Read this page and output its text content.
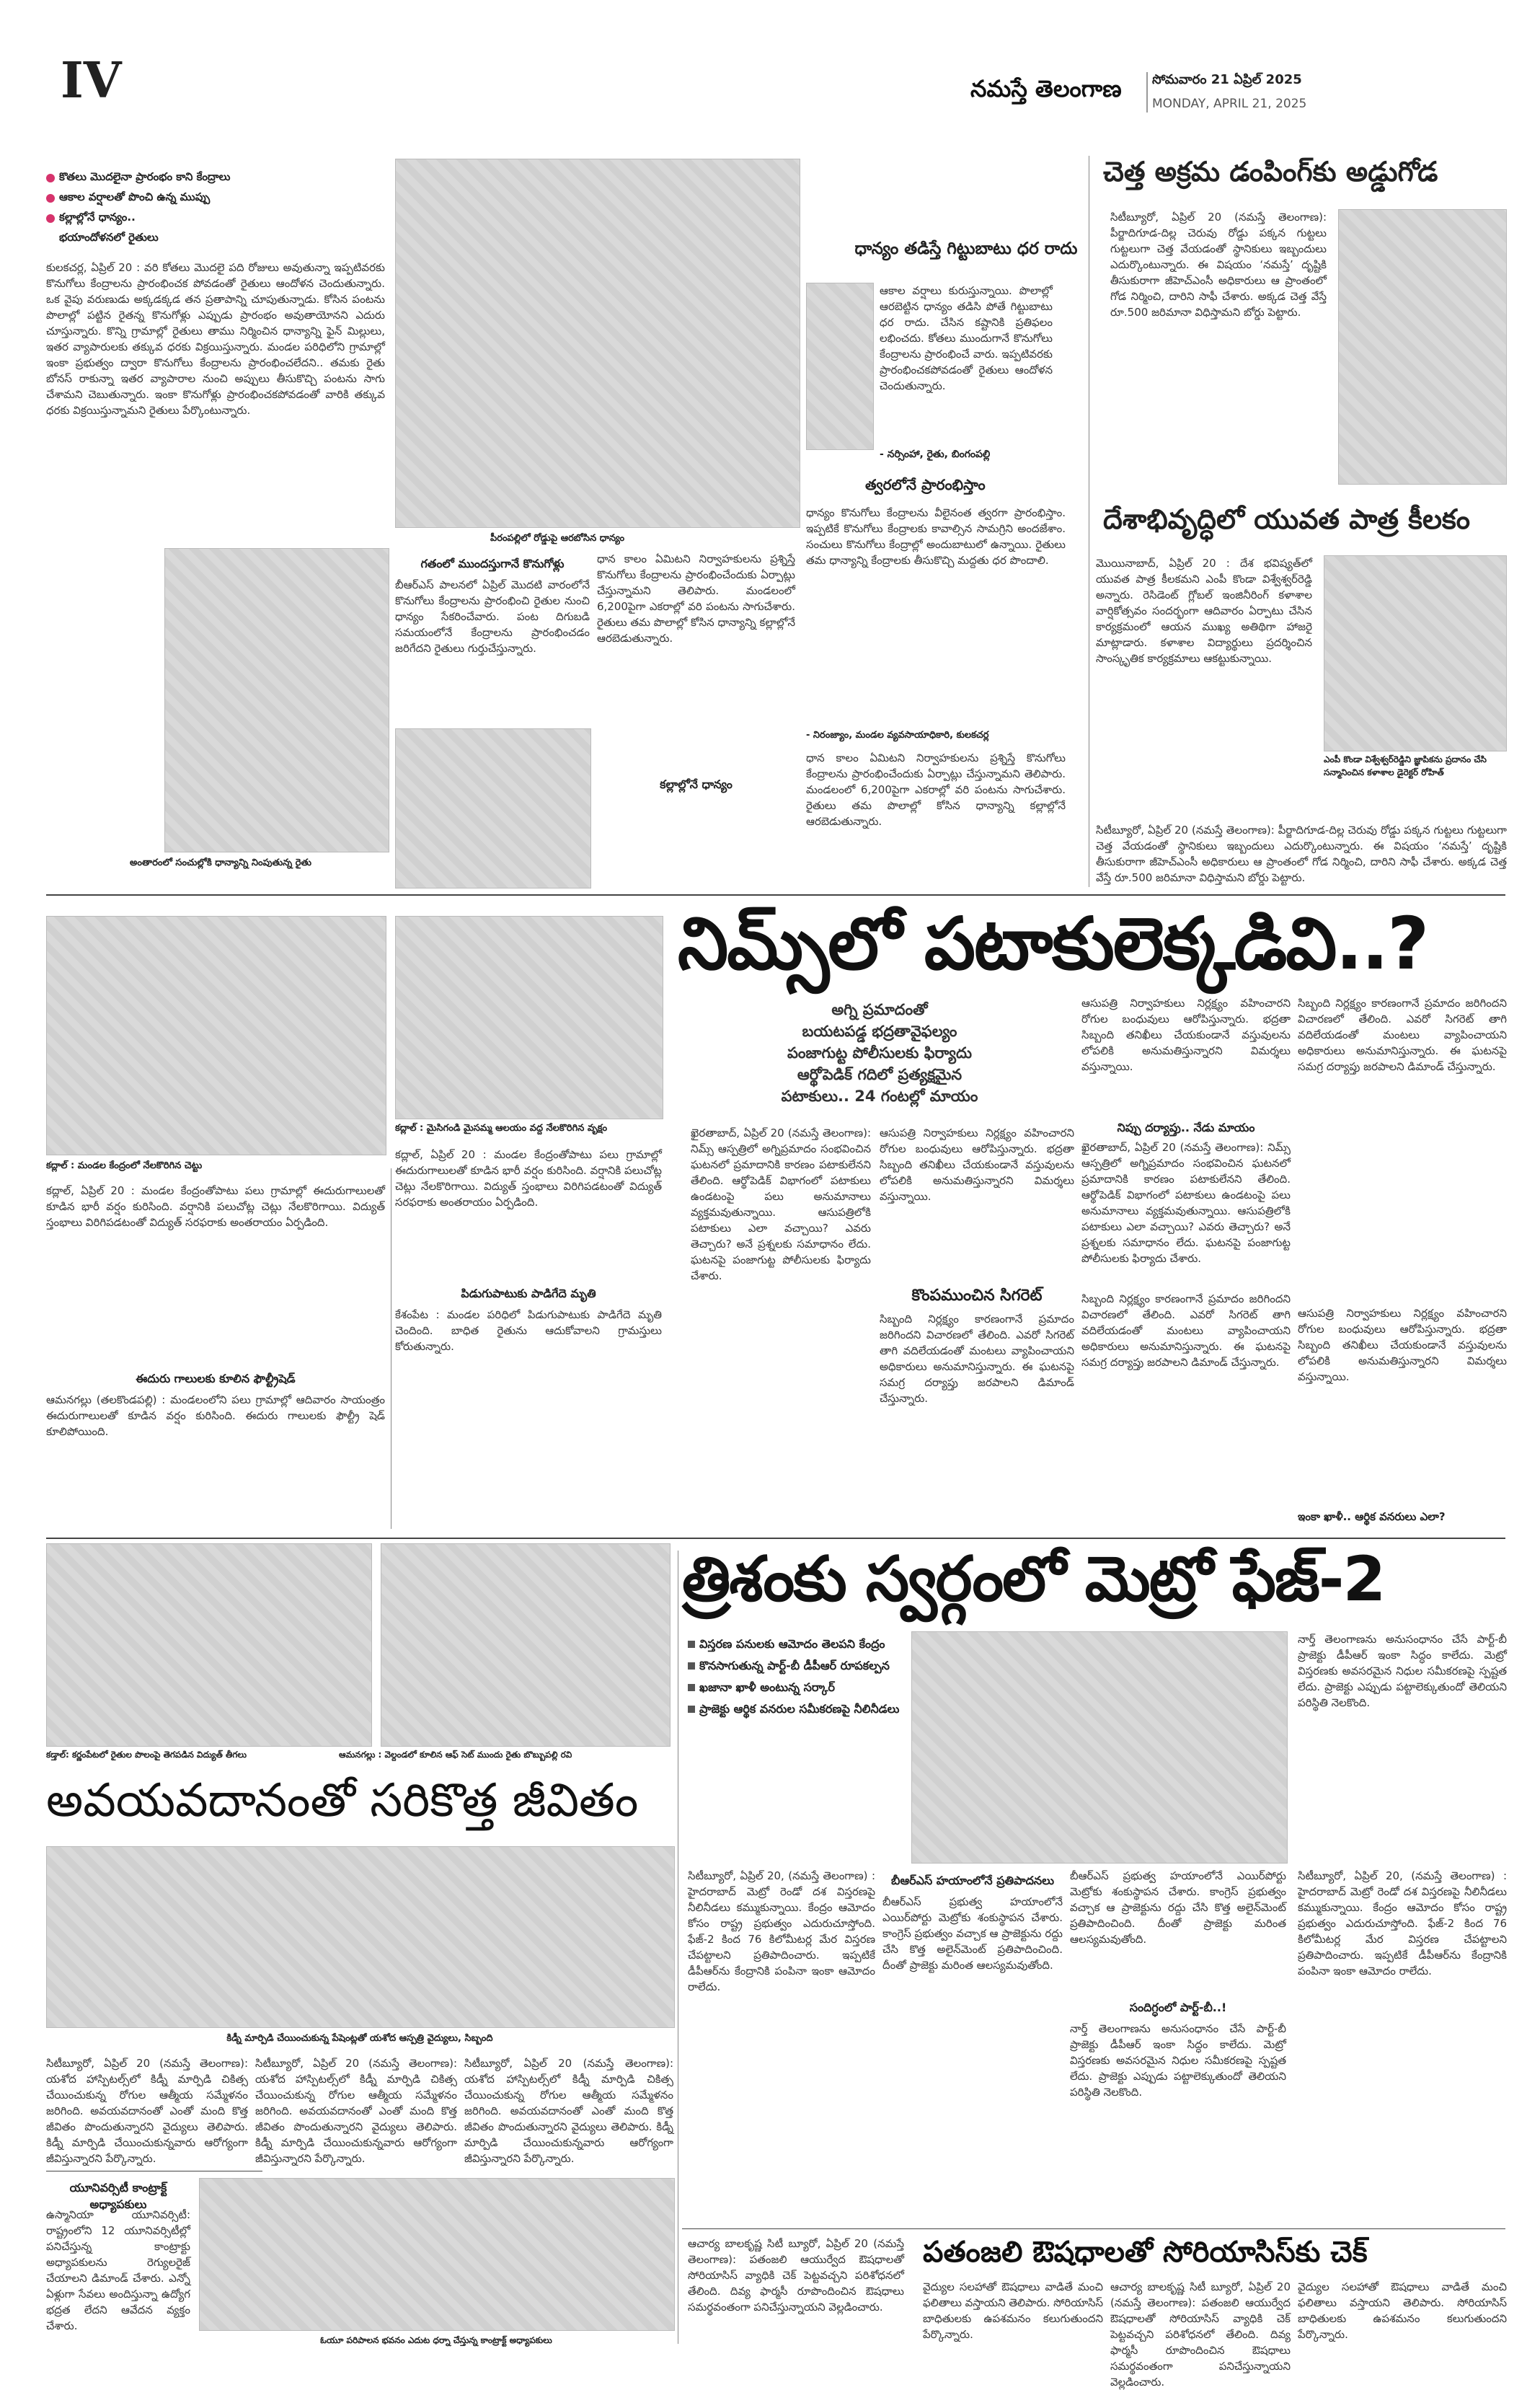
IV	నమస్తే తెలంగాణ సోమవారం 21 ఏప్రిల్ 2025
MONDAY, APRIL 21, 2025
కొతలు మొదలైనా ప్రారంభం కాని కేంద్రాలు
ఆకాల వర్షాలతో పొంచి ఉన్న ముప్పు
కల్లాల్లోనే ధాన్యం..
భయాందోళనలో రైతులు
కులకచర్ల, ఏప్రిల్ 20 : వరి కోతలు మొదలై పది రోజులు అవుతున్నా ఇప్పటివరకు కొనుగోలు కేంద్రాలను ప్రారంభించక పోవడంతో రైతులు ఆందోళన చెందుతున్నారు. ఒక వైపు వరుణుడు అక్కడక్కడ తన ప్రతాపాన్ని చూపుతున్నాడు. కోసిన పంటను పొలాల్లో పట్టిన రైతన్న కొనుగోళ్లు ఎప్పుడు ప్రారంభం అవుతాయోనని ఎదురు చూస్తున్నారు. కొన్ని గ్రామాల్లో రైతులు తాము నిర్మించిన ధాన్యాన్ని ఫైన్ మిల్లులు, ఇతర వ్యాపారులకు తక్కువ ధరకు విక్రయిస్తున్నారు. మండల పరిధిలోని గ్రామాల్లో ఇంకా ప్రభుత్వం ద్వారా కొనుగోలు కేంద్రాలను ప్రారంభించలేదని.. తమకు రైతు బోనస్ రాకున్నా ఇతర వ్యాపారాల నుంచి అప్పులు తీసుకొచ్చి పంటను సాగు చేశామని చెబుతున్నారు. ఇంకా కొనుగోళ్లు ప్రారంభించకపోవడంతో వారికి తక్కువ ధరకు విక్రయిస్తున్నామని రైతులు పేర్కొంటున్నారు.
అంతారంలో సంచుల్లోకి ధాన్యాన్ని నింపుతున్న రైతు
పీరంపల్లిలో రోడ్డుపై ఆరబోసిన ధాన్యం
గతంలో ముందస్తుగానే కొనుగోళ్లు
బీఆర్ఎస్ పాలనలో ఏప్రిల్ మొదటి వారంలోనే కొనుగోలు కేంద్రాలను ప్రారంభించి రైతుల నుంచి ధాన్యం సేకరించేవారు. పంట దిగుబడి సమయంలోనే కేంద్రాలను ప్రారంభించడం జరిగేదని రైతులు గుర్తుచేస్తున్నారు.
ధాన కాలం ఏమిటని నిర్వాహకులను ప్రశ్నిస్తే కొనుగోలు కేంద్రాలను ప్రారంభించేందుకు ఏర్పాట్లు చేస్తున్నామని తెలిపారు. మండలంలో 6,200పైగా ఎకరాల్లో వరి పంటను సాగుచేశారు. రైతులు తమ పొలాల్లో కోసిన ధాన్యాన్ని కల్లాల్లోనే ఆరబెడుతున్నారు.
కల్లాల్లోనే ధాన్యం
ధాన్యం తడిస్తే గిట్టుబాటు ధర రాదు
ఆకాల వర్షాలు కురుస్తున్నాయి. పొలాల్లో ఆరబెట్టిన ధాన్యం తడిసి పోతే గిట్టుబాటు ధర రాదు. చేసిన కష్టానికి ప్రతిఫలం లభించదు. కోతలు ముందుగానే కొనుగోలు కేంద్రాలను ప్రారంభించే వారు. ఇప్పటివరకు ప్రారంభించకపోవడంతో రైతులు ఆందోళన చెందుతున్నారు.
- నర్సింహా, రైతు, బింగంపల్లి
త్వరలోనే ప్రారంభిస్తాం
ధాన్యం కొనుగోలు కేంద్రాలను వీలైనంత త్వరగా ప్రారంభిస్తాం. ఇప్పటికే కొనుగోలు కేంద్రాలకు కావాల్సిన సామగ్రిని అందజేశాం. సంచులు కొనుగోలు కేంద్రాల్లో అందుబాటులో ఉన్నాయి. రైతులు తమ ధాన్యాన్ని కేంద్రాలకు తీసుకొచ్చి మద్దతు ధర పొందాలి.
- నిరంజ్యాం, మండల వ్యవసాయాధికారి, కులకచర్ల
ధాన కాలం ఏమిటని నిర్వాహకులను ప్రశ్నిస్తే కొనుగోలు కేంద్రాలను ప్రారంభించేందుకు ఏర్పాట్లు చేస్తున్నామని తెలిపారు. మండలంలో 6,200పైగా ఎకరాల్లో వరి పంటను సాగుచేశారు. రైతులు తమ పొలాల్లో కోసిన ధాన్యాన్ని కల్లాల్లోనే ఆరబెడుతున్నారు.
చెత్త అక్రమ డంపింగ్‌కు అడ్డుగోడ
సిటీబ్యూరో, ఏప్రిల్ 20 (నమస్తే తెలంగాణ): పీర్జాదిగూడ-దిల్ల చెరువు రోడ్డు పక్కన గుట్టలు గుట్టలుగా చెత్త వేయడంతో స్థానికులు ఇబ్బందులు ఎదుర్కొంటున్నారు. ఈ విషయం ‘నమస్తే’ దృష్టికి తీసుకురాగా జీహెచ్ఎంసీ అధికారులు ఆ ప్రాంతంలో గోడ నిర్మించి, దారిని సాఫీ చేశారు. అక్కడ చెత్త వేస్తే రూ.500 జరిమానా విధిస్తామని బోర్డు పెట్టారు.
దేశాభివృద్ధిలో యువత పాత్ర కీలకం
మొయినాబాద్, ఏప్రిల్ 20 : దేశ భవిష్యత్‌లో యువత పాత్ర కీలకమని ఎంపీ కొండా విశ్వేశ్వర్‌రెడ్డి అన్నారు. రెసిడెంట్ గ్లోబల్ ఇంజినీరింగ్ కళాశాల వార్షికోత్సవం సందర్భంగా ఆదివారం ఏర్పాటు చేసిన కార్యక్రమంలో ఆయన ముఖ్య అతిథిగా హాజరై మాట్లాడారు. కళాశాల విద్యార్థులు ప్రదర్శించిన సాంస్కృతిక కార్యక్రమాలు ఆకట్టుకున్నాయి.
ఎంపీ కొండా విశ్వేశ్వర్‌రెడ్డిని జ్ఞాపికను ప్రదానం చేసి సన్మానించిన కళాశాల డైరెక్టర్ రోహిత్
సిటీబ్యూరో, ఏప్రిల్ 20 (నమస్తే తెలంగాణ): పీర్జాదిగూడ-దిల్ల చెరువు రోడ్డు పక్కన గుట్టలు గుట్టలుగా చెత్త వేయడంతో స్థానికులు ఇబ్బందులు ఎదుర్కొంటున్నారు. ఈ విషయం ‘నమస్తే’ దృష్టికి తీసుకురాగా జీహెచ్ఎంసీ అధికారులు ఆ ప్రాంతంలో గోడ నిర్మించి, దారిని సాఫీ చేశారు. అక్కడ చెత్త వేస్తే రూ.500 జరిమానా విధిస్తామని బోర్డు పెట్టారు.
నిమ్స్‌లో పటాకులెక్కడివి..?
కద్లాల్ : మండల కేంద్రంలో నేలకొరిగిన చెట్టు
కద్లాల్ : మైసిగండి మైసమ్మ ఆలయం వద్ద నేలకొరిగిన వృక్షం
కద్లాల్, ఏప్రిల్ 20 : మండల కేంద్రంతోపాటు పలు గ్రామాల్లో ఈదురుగాలులతో కూడిన భారీ వర్షం కురిసింది. వర్షానికి పలుచోట్ల చెట్లు నేలకొరిగాయి. విద్యుత్ స్తంభాలు విరిగిపడటంతో విద్యుత్ సరఫరాకు అంతరాయం ఏర్పడింది.
ఈదురు గాలులకు కూలిన ఫౌల్ట్రీషెడ్
ఆమనగల్లు (తలకొండపల్లి) : మండలంలోని పలు గ్రామాల్లో ఆదివారం సాయంత్రం ఈదురుగాలులతో కూడిన వర్షం కురిసింది. ఈదురు గాలులకు ఫౌల్ట్రీ షెడ్ కూలిపోయింది.
కద్లాల్, ఏప్రిల్ 20 : మండల కేంద్రంతోపాటు పలు గ్రామాల్లో ఈదురుగాలులతో కూడిన భారీ వర్షం కురిసింది. వర్షానికి పలుచోట్ల చెట్లు నేలకొరిగాయి. విద్యుత్ స్తంభాలు విరిగిపడటంతో విద్యుత్ సరఫరాకు అంతరాయం ఏర్పడింది.
పిడుగుపాటుకు పాడిగేదె మృతి
కేశంపేట : మండల పరిధిలో పిడుగుపాటుకు పాడిగేదె మృతి చెందింది. బాధిత రైతును ఆదుకోవాలని గ్రామస్తులు కోరుతున్నారు.
అగ్ని ప్రమాదంతో
బయటపడ్డ భద్రతావైఫల్యం
పంజాగుట్ట పోలీసులకు ఫిర్యాదు
ఆర్థోపెడిక్ గదిలో ప్రత్యక్షమైన
పటాకులు.. 24 గంటల్లో మాయం
ఖైరతాబాద్, ఏప్రిల్ 20 (నమస్తే తెలంగాణ): నిమ్స్ ఆస్పత్రిలో అగ్నిప్రమాదం సంభవించిన ఘటనలో ప్రమాదానికి కారణం పటాకులేనని తేలింది. ఆర్థోపెడిక్ విభాగంలో పటాకులు ఉండటంపై పలు అనుమానాలు వ్యక్తమవుతున్నాయి. ఆసుపత్రిలోకి పటాకులు ఎలా వచ్చాయి? ఎవరు తెచ్చారు? అనే ప్రశ్నలకు సమాధానం లేదు. ఘటనపై పంజాగుట్ట పోలీసులకు ఫిర్యాదు చేశారు.
ఆసుపత్రి నిర్వాహకులు నిర్లక్ష్యం వహించారని రోగుల బంధువులు ఆరోపిస్తున్నారు. భద్రతా సిబ్బంది తనిఖీలు చేయకుండానే వస్తువులను లోపలికి అనుమతిస్తున్నారని విమర్శలు వస్తున్నాయి.
కొంపముంచిన సిగరెట్
సిబ్బంది నిర్లక్ష్యం కారణంగానే ప్రమాదం జరిగిందని విచారణలో తేలింది. ఎవరో సిగరెట్ తాగి వదిలేయడంతో మంటలు వ్యాపించాయని అధికారులు అనుమానిస్తున్నారు. ఈ ఘటనపై సమగ్ర దర్యాప్తు జరపాలని డిమాండ్ చేస్తున్నారు.
ఆసుపత్రి నిర్వాహకులు నిర్లక్ష్యం వహించారని రోగుల బంధువులు ఆరోపిస్తున్నారు. భద్రతా సిబ్బంది తనిఖీలు చేయకుండానే వస్తువులను లోపలికి అనుమతిస్తున్నారని విమర్శలు వస్తున్నాయి.
నిప్పు దర్యాప్తు.. నేడు మాయం
ఖైరతాబాద్, ఏప్రిల్ 20 (నమస్తే తెలంగాణ): నిమ్స్ ఆస్పత్రిలో అగ్నిప్రమాదం సంభవించిన ఘటనలో ప్రమాదానికి కారణం పటాకులేనని తేలింది. ఆర్థోపెడిక్ విభాగంలో పటాకులు ఉండటంపై పలు అనుమానాలు వ్యక్తమవుతున్నాయి. ఆసుపత్రిలోకి పటాకులు ఎలా వచ్చాయి? ఎవరు తెచ్చారు? అనే ప్రశ్నలకు సమాధానం లేదు. ఘటనపై పంజాగుట్ట పోలీసులకు ఫిర్యాదు చేశారు.
సిబ్బంది నిర్లక్ష్యం కారణంగానే ప్రమాదం జరిగిందని విచారణలో తేలింది. ఎవరో సిగరెట్ తాగి వదిలేయడంతో మంటలు వ్యాపించాయని అధికారులు అనుమానిస్తున్నారు. ఈ ఘటనపై సమగ్ర దర్యాప్తు జరపాలని డిమాండ్ చేస్తున్నారు.
సిబ్బంది నిర్లక్ష్యం కారణంగానే ప్రమాదం జరిగిందని విచారణలో తేలింది. ఎవరో సిగరెట్ తాగి వదిలేయడంతో మంటలు వ్యాపించాయని అధికారులు అనుమానిస్తున్నారు. ఈ ఘటనపై సమగ్ర దర్యాప్తు జరపాలని డిమాండ్ చేస్తున్నారు.
ఆసుపత్రి నిర్వాహకులు నిర్లక్ష్యం వహించారని రోగుల బంధువులు ఆరోపిస్తున్నారు. భద్రతా సిబ్బంది తనిఖీలు చేయకుండానే వస్తువులను లోపలికి అనుమతిస్తున్నారని విమర్శలు వస్తున్నాయి.
ఇంకా ఖాళీ.. ఆర్థిక వనరులు ఎలా?
కడ్తాల్: కర్ణంపేటలో రైతుల పొలంపై తెగపడిన విద్యుత్ తీగలు	ఆమనగల్లు : వెల్దండలో కూలిన ఆఫ్ సెట్ ముందు రైతు బొబ్బుపల్లి రవి
అవయవదానంతో సరికొత్త జీవితం
కిడ్నీ మార్పిడి చేయించుకున్న పేషెంట్లతో యశోద ఆస్పత్రి వైద్యులు, సిబ్బంది
సిటీబ్యూరో, ఏప్రిల్ 20 (నమస్తే తెలంగాణ): యశోద హాస్పిటల్స్‌లో కిడ్నీ మార్పిడి చికిత్స చేయించుకున్న రోగుల ఆత్మీయ సమ్మేళనం జరిగింది. అవయవదానంతో ఎంతో మంది కొత్త జీవితం పొందుతున్నారని వైద్యులు తెలిపారు. కిడ్నీ మార్పిడి చేయించుకున్నవారు ఆరోగ్యంగా జీవిస్తున్నారని పేర్కొన్నారు.
సిటీబ్యూరో, ఏప్రిల్ 20 (నమస్తే తెలంగాణ): యశోద హాస్పిటల్స్‌లో కిడ్నీ మార్పిడి చికిత్స చేయించుకున్న రోగుల ఆత్మీయ సమ్మేళనం జరిగింది. అవయవదానంతో ఎంతో మంది కొత్త జీవితం పొందుతున్నారని వైద్యులు తెలిపారు. కిడ్నీ మార్పిడి చేయించుకున్నవారు ఆరోగ్యంగా జీవిస్తున్నారని పేర్కొన్నారు.
సిటీబ్యూరో, ఏప్రిల్ 20 (నమస్తే తెలంగాణ): యశోద హాస్పిటల్స్‌లో కిడ్నీ మార్పిడి చికిత్స చేయించుకున్న రోగుల ఆత్మీయ సమ్మేళనం జరిగింది. అవయవదానంతో ఎంతో మంది కొత్త జీవితం పొందుతున్నారని వైద్యులు తెలిపారు. కిడ్నీ మార్పిడి చేయించుకున్నవారు ఆరోగ్యంగా జీవిస్తున్నారని పేర్కొన్నారు.
యూనివర్సిటీ కాంట్రాక్ట్ అధ్యాపకులు
ఉస్మానియా యూనివర్సిటీ: రాష్ట్రంలోని 12 యూనివర్సిటీల్లో పనిచేస్తున్న కాంట్రాక్టు అధ్యాపకులను రెగ్యులరైజ్ చేయాలని డిమాండ్ చేశారు. ఎన్నో ఏళ్లుగా సేవలు అందిస్తున్నా ఉద్యోగ భద్రత లేదని ఆవేదన వ్యక్తం చేశారు.
ఓయూ పరిపాలన భవనం ఎదుట ధర్నా చేస్తున్న కాంట్రాక్ట్ అధ్యాపకులు
త్రిశంకు స్వర్గంలో మెట్రో ఫేజ్-2
విస్తరణ పనులకు ఆమోదం తెలపని కేంద్రం
కొనసాగుతున్న పార్ట్-బీ డీపీఆర్ రూపకల్పన
ఖజానా ఖాళీ అంటున్న సర్కార్
ప్రాజెక్టు ఆర్థిక వనరుల సమీకరణపై నీలినీడలు
నార్త్ తెలంగాణను అనుసంధానం చేసే పార్ట్-బీ ప్రాజెక్టు డీపీఆర్ ఇంకా సిద్ధం కాలేదు. మెట్రో విస్తరణకు అవసరమైన నిధుల సమీకరణపై స్పష్టత లేదు. ప్రాజెక్టు ఎప్పుడు పట్టాలెక్కుతుందో తెలియని పరిస్థితి నెలకొంది.
సిటీబ్యూరో, ఏప్రిల్ 20, (నమస్తే తెలంగాణ) : హైదరాబాద్ మెట్రో రెండో దశ విస్తరణపై నీలినీడలు కమ్ముకున్నాయి. కేంద్రం ఆమోదం కోసం రాష్ట్ర ప్రభుత్వం ఎదురుచూస్తోంది. ఫేజ్-2 కింద 76 కిలోమీటర్ల మేర విస్తరణ చేపట్టాలని ప్రతిపాదించారు. ఇప్పటికే డీపీఆర్‌ను కేంద్రానికి పంపినా ఇంకా ఆమోదం రాలేదు.
బీఆర్ఎస్ హయాంలోనే ప్రతిపాదనలు
బీఆర్ఎస్ ప్రభుత్వ హయాంలోనే ఎయిర్‌పోర్టు మెట్రోకు శంకుస్థాపన చేశారు. కాంగ్రెస్ ప్రభుత్వం వచ్చాక ఆ ప్రాజెక్టును రద్దు చేసి కొత్త అలైన్‌మెంట్ ప్రతిపాదించింది. దీంతో ప్రాజెక్టు మరింత ఆలస్యమవుతోంది.
బీఆర్ఎస్ ప్రభుత్వ హయాంలోనే ఎయిర్‌పోర్టు మెట్రోకు శంకుస్థాపన చేశారు. కాంగ్రెస్ ప్రభుత్వం వచ్చాక ఆ ప్రాజెక్టును రద్దు చేసి కొత్త అలైన్‌మెంట్ ప్రతిపాదించింది. దీంతో ప్రాజెక్టు మరింత ఆలస్యమవుతోంది.
సందిగ్ధంలో పార్ట్-బీ..!
నార్త్ తెలంగాణను అనుసంధానం చేసే పార్ట్-బీ ప్రాజెక్టు డీపీఆర్ ఇంకా సిద్ధం కాలేదు. మెట్రో విస్తరణకు అవసరమైన నిధుల సమీకరణపై స్పష్టత లేదు. ప్రాజెక్టు ఎప్పుడు పట్టాలెక్కుతుందో తెలియని పరిస్థితి నెలకొంది.
సిటీబ్యూరో, ఏప్రిల్ 20, (నమస్తే తెలంగాణ) : హైదరాబాద్ మెట్రో రెండో దశ విస్తరణపై నీలినీడలు కమ్ముకున్నాయి. కేంద్రం ఆమోదం కోసం రాష్ట్ర ప్రభుత్వం ఎదురుచూస్తోంది. ఫేజ్-2 కింద 76 కిలోమీటర్ల మేర విస్తరణ చేపట్టాలని ప్రతిపాదించారు. ఇప్పటికే డీపీఆర్‌ను కేంద్రానికి పంపినా ఇంకా ఆమోదం రాలేదు.
ఆచార్య బాలకృష్ణ సిటీ బ్యూరో, ఏప్రిల్ 20 (నమస్తే తెలంగాణ): పతంజలి ఆయుర్వేద ఔషధాలతో సోరియాసిస్ వ్యాధికి చెక్ పెట్టవచ్చని పరిశోధనలో తేలింది. దివ్య ఫార్మసీ రూపొందించిన ఔషధాలు సమర్థవంతంగా పనిచేస్తున్నాయని వెల్లడించారు.
పతంజలి ఔషధాలతో సోరియాసిస్‌కు చెక్
వైద్యుల సలహాతో ఔషధాలు వాడితే మంచి ఫలితాలు వస్తాయని తెలిపారు. సోరియాసిస్ బాధితులకు ఉపశమనం కలుగుతుందని పేర్కొన్నారు.
ఆచార్య బాలకృష్ణ సిటీ బ్యూరో, ఏప్రిల్ 20 (నమస్తే తెలంగాణ): పతంజలి ఆయుర్వేద ఔషధాలతో సోరియాసిస్ వ్యాధికి చెక్ పెట్టవచ్చని పరిశోధనలో తేలింది. దివ్య ఫార్మసీ రూపొందించిన ఔషధాలు సమర్థవంతంగా పనిచేస్తున్నాయని వెల్లడించారు.
వైద్యుల సలహాతో ఔషధాలు వాడితే మంచి ఫలితాలు వస్తాయని తెలిపారు. సోరియాసిస్ బాధితులకు ఉపశమనం కలుగుతుందని పేర్కొన్నారు.
